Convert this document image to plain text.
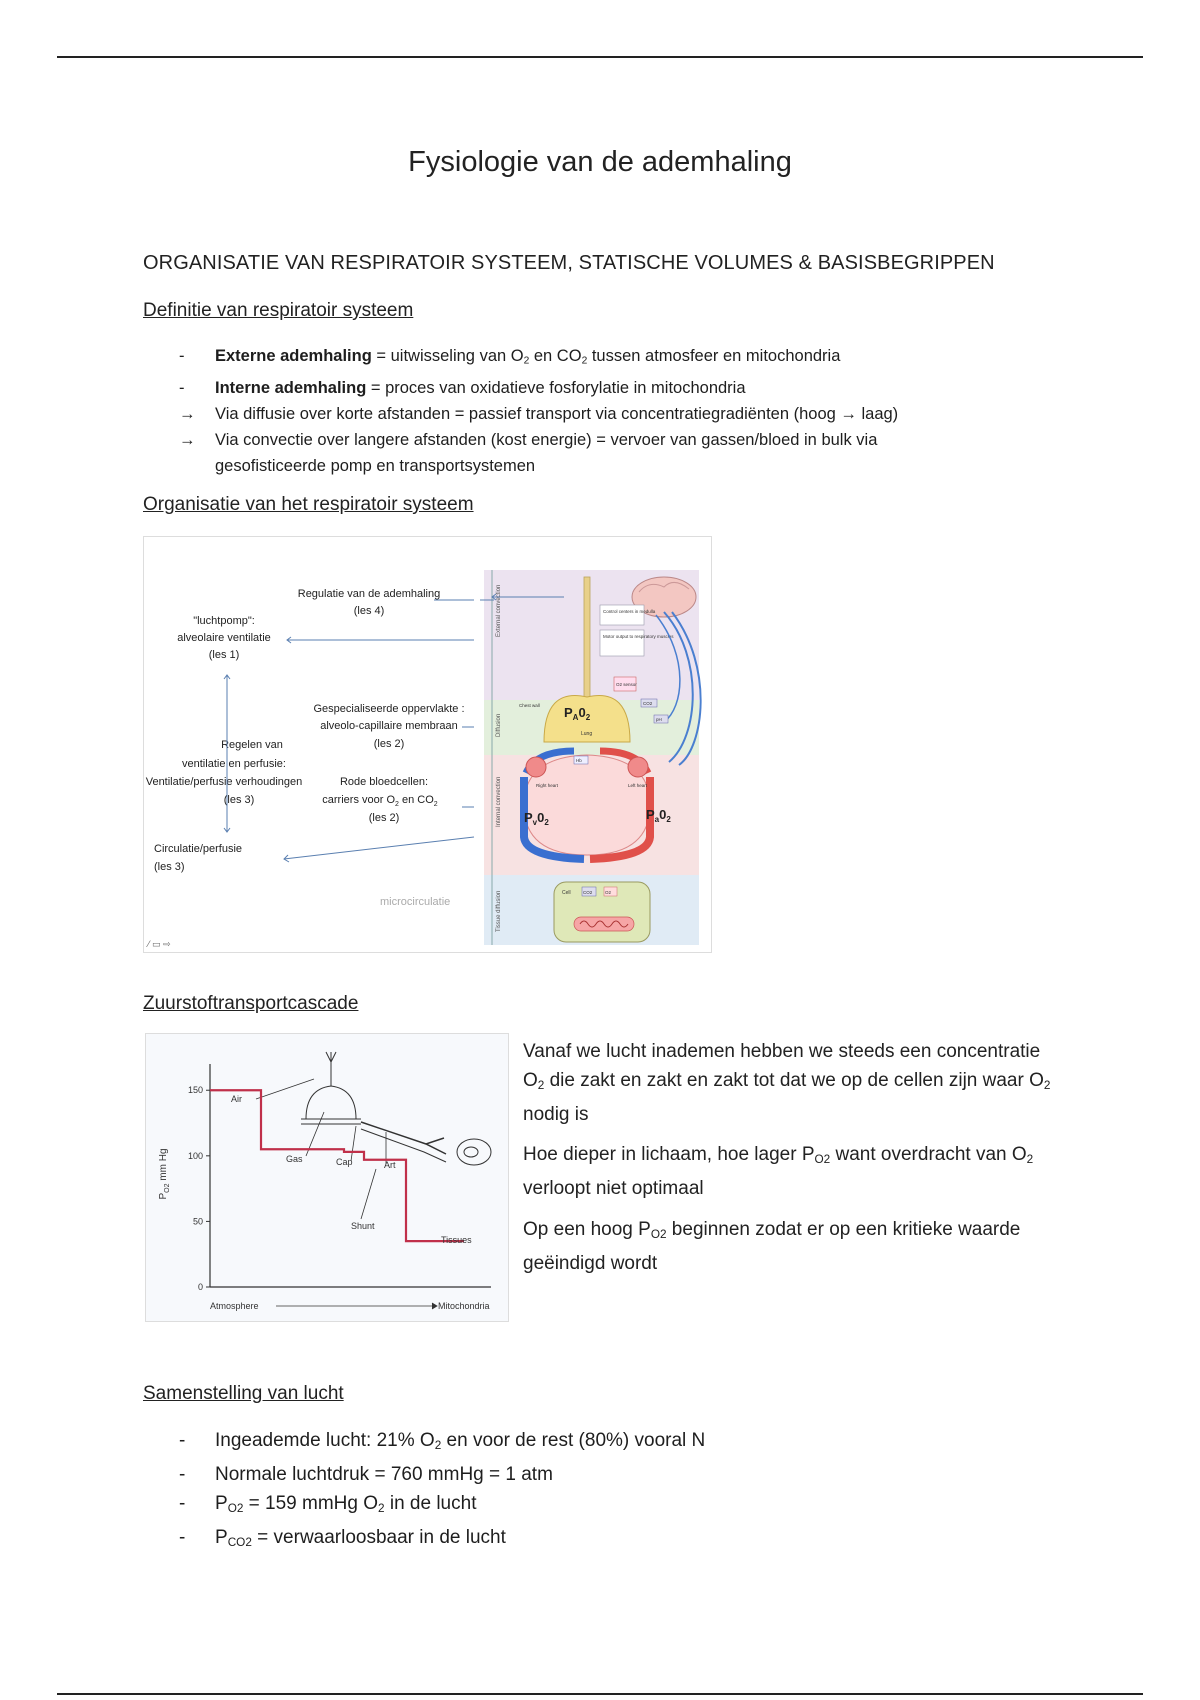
Fysiologie van de ademhaling
ORGANISATIE VAN RESPIRATOIR SYSTEEM, STATISCHE VOLUMES & BASISBEGRIPPEN
Definitie van respiratoir systeem
- Externe ademhaling = uitwisseling van $O_2$ en $CO_2$ tussen atmosfeer en mitochondria
- Interne ademhaling = proces van oxidatieve fosforylatie in mitochondria
→ Via diffusie over korte afstanden = passief transport via concentratiegradiënten (hoog → laag)
→ Via convectie over langere afstanden (kost energie) = vervoer van gassen/bloed in bulk via gesofisticeerde pomp en transportsystemen
Organisatie van het respiratoir systeem
External convection
Diffusion
Internal convection
Tissue diffusion
Control centers in medulla
Motor output to respiratory muscles
O2 sensor
$P_A0_2$
Lung
Chest wall	CO2
pH
Right heart	Left heart
$P_v0_2$
$P_a0_2$
Hb
Cell	CO2	O2
Regulatie van de ademhaling
(les 4)
"luchtpomp":
alveolaire ventilatie
(les 1)
Gespecialiseerde oppervlakte :
alveolo-capillaire membraan
(les 2)
Regelen van
ventilatie en perfusie:
Ventilatie/perfusie verhoudingen
(les 3)
Rode bloedcellen:
carriers voor $O_2$ en $CO_2$
(les 2)
Circulatie/perfusie
(les 3)
microcirculatie
⁄ ▭ ⇨
Zuurstoftransportcascade
0
50
100
150
$P_{O2}$ mm Hg
Atmosphere	Mitochondria
Air
Gas	Cap	Art
Shunt
Tissues

Vanaf we lucht inademen hebben we steeds een concentratie $O_2$ die zakt en zakt en zakt tot dat we op de cellen zijn waar $O_2$ nodig is

Hoe dieper in lichaam, hoe lager $P_{O2}$ want overdracht van $O_2$ verloopt niet optimaal

Op een hoog $P_{O2}$ beginnen zodat er op een kritieke waarde geëindigd wordt

Samenstelling van lucht
- Ingeademde lucht: 21% $O_2$ en voor de rest (80%) vooral N
- Normale luchtdruk = 760 mmHg = 1 atm
- $P_{O2} = 159$ mmHg $O_2$ in de lucht
- $P_{CO2}$ = verwaarloosbaar in de lucht
